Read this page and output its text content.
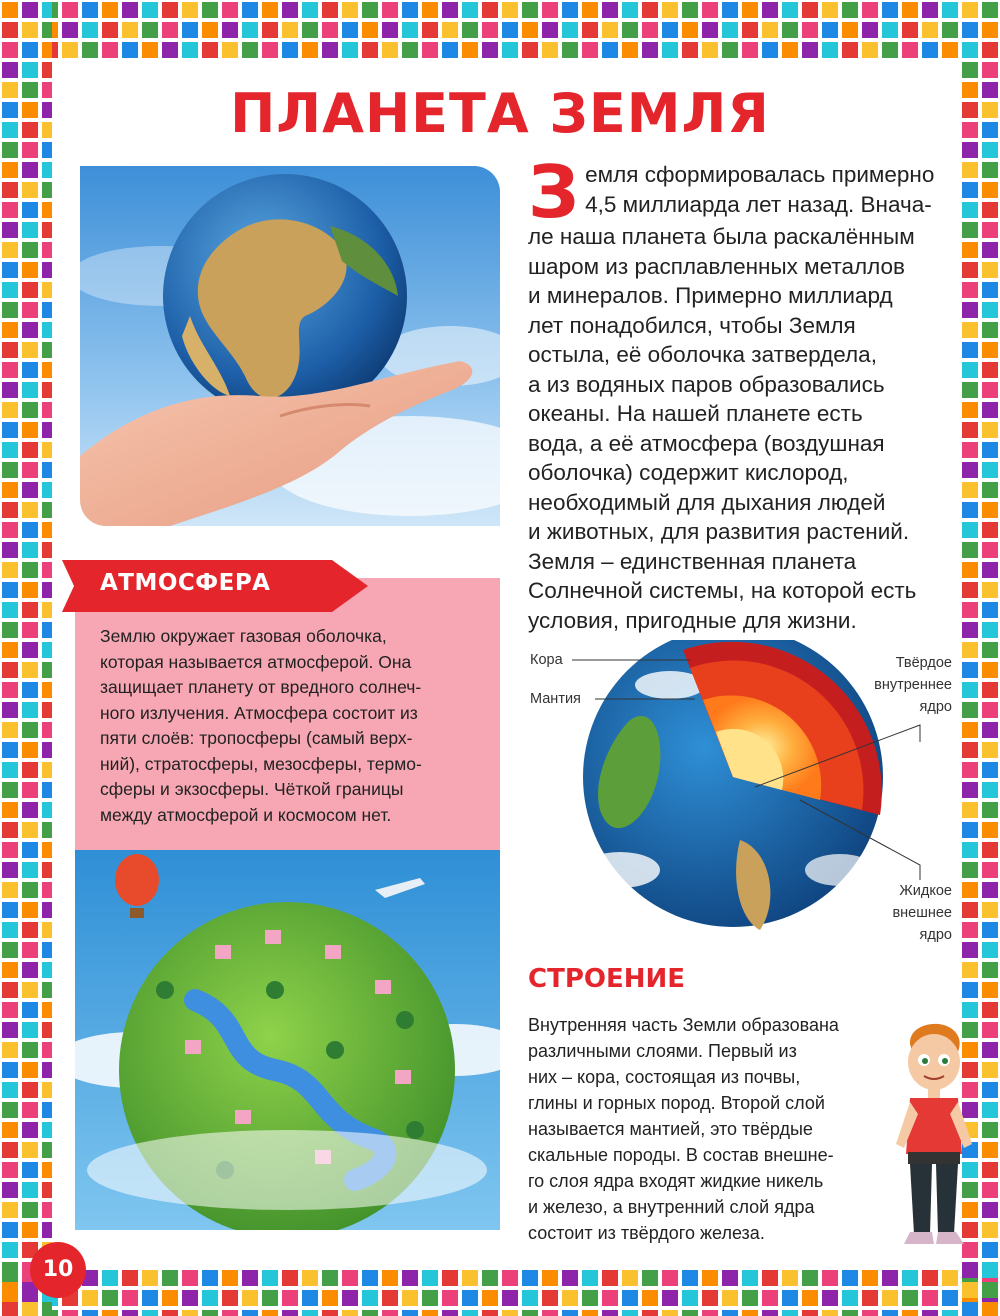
ПЛАНЕТА ЗЕМЛЯ
З емля сформировалась примерно
4,5 миллиарда лет назад. Внача-
ле наша планета была раскалённым
шаром из расплавленных металлов
и минералов. Примерно миллиард
лет понадобился, чтобы Земля
остыла, её оболочка затвердела,
а из водяных паров образовались
океаны. На нашей планете есть
вода, а её атмосфера (воздушная
оболочка) содержит кислород,
необходимый для дыхания людей
и животных, для развития растений.
Земля – единственная планета
Солнечной системы, на которой есть
условия, пригодные для жизни.
АТМОСФЕРА
Землю окружает газовая оболочка,
которая называется атмосферой. Она
защищает планету от вредного солнеч-
ного излучения. Атмосфера состоит из
пяти слоёв: тропосферы (самый верх-
ний), стратосферы, мезосферы, термо-
сферы и экзосферы. Чёткой границы
между атмосферой и космосом нет.
Кора
Мантия
Твёрдое
внутреннее
ядро
Жидкое
внешнее
ядро
СТРОЕНИЕ
Внутренняя часть Земли образована
различными слоями. Первый из
них – кора, состоящая из почвы,
глины и горных пород. Второй слой
называется мантией, это твёрдые
скальные породы. В состав внешне-
го слоя ядра входят жидкие никель
и железо, а внутренний слой ядра
состоит из твёрдого железа.
10
